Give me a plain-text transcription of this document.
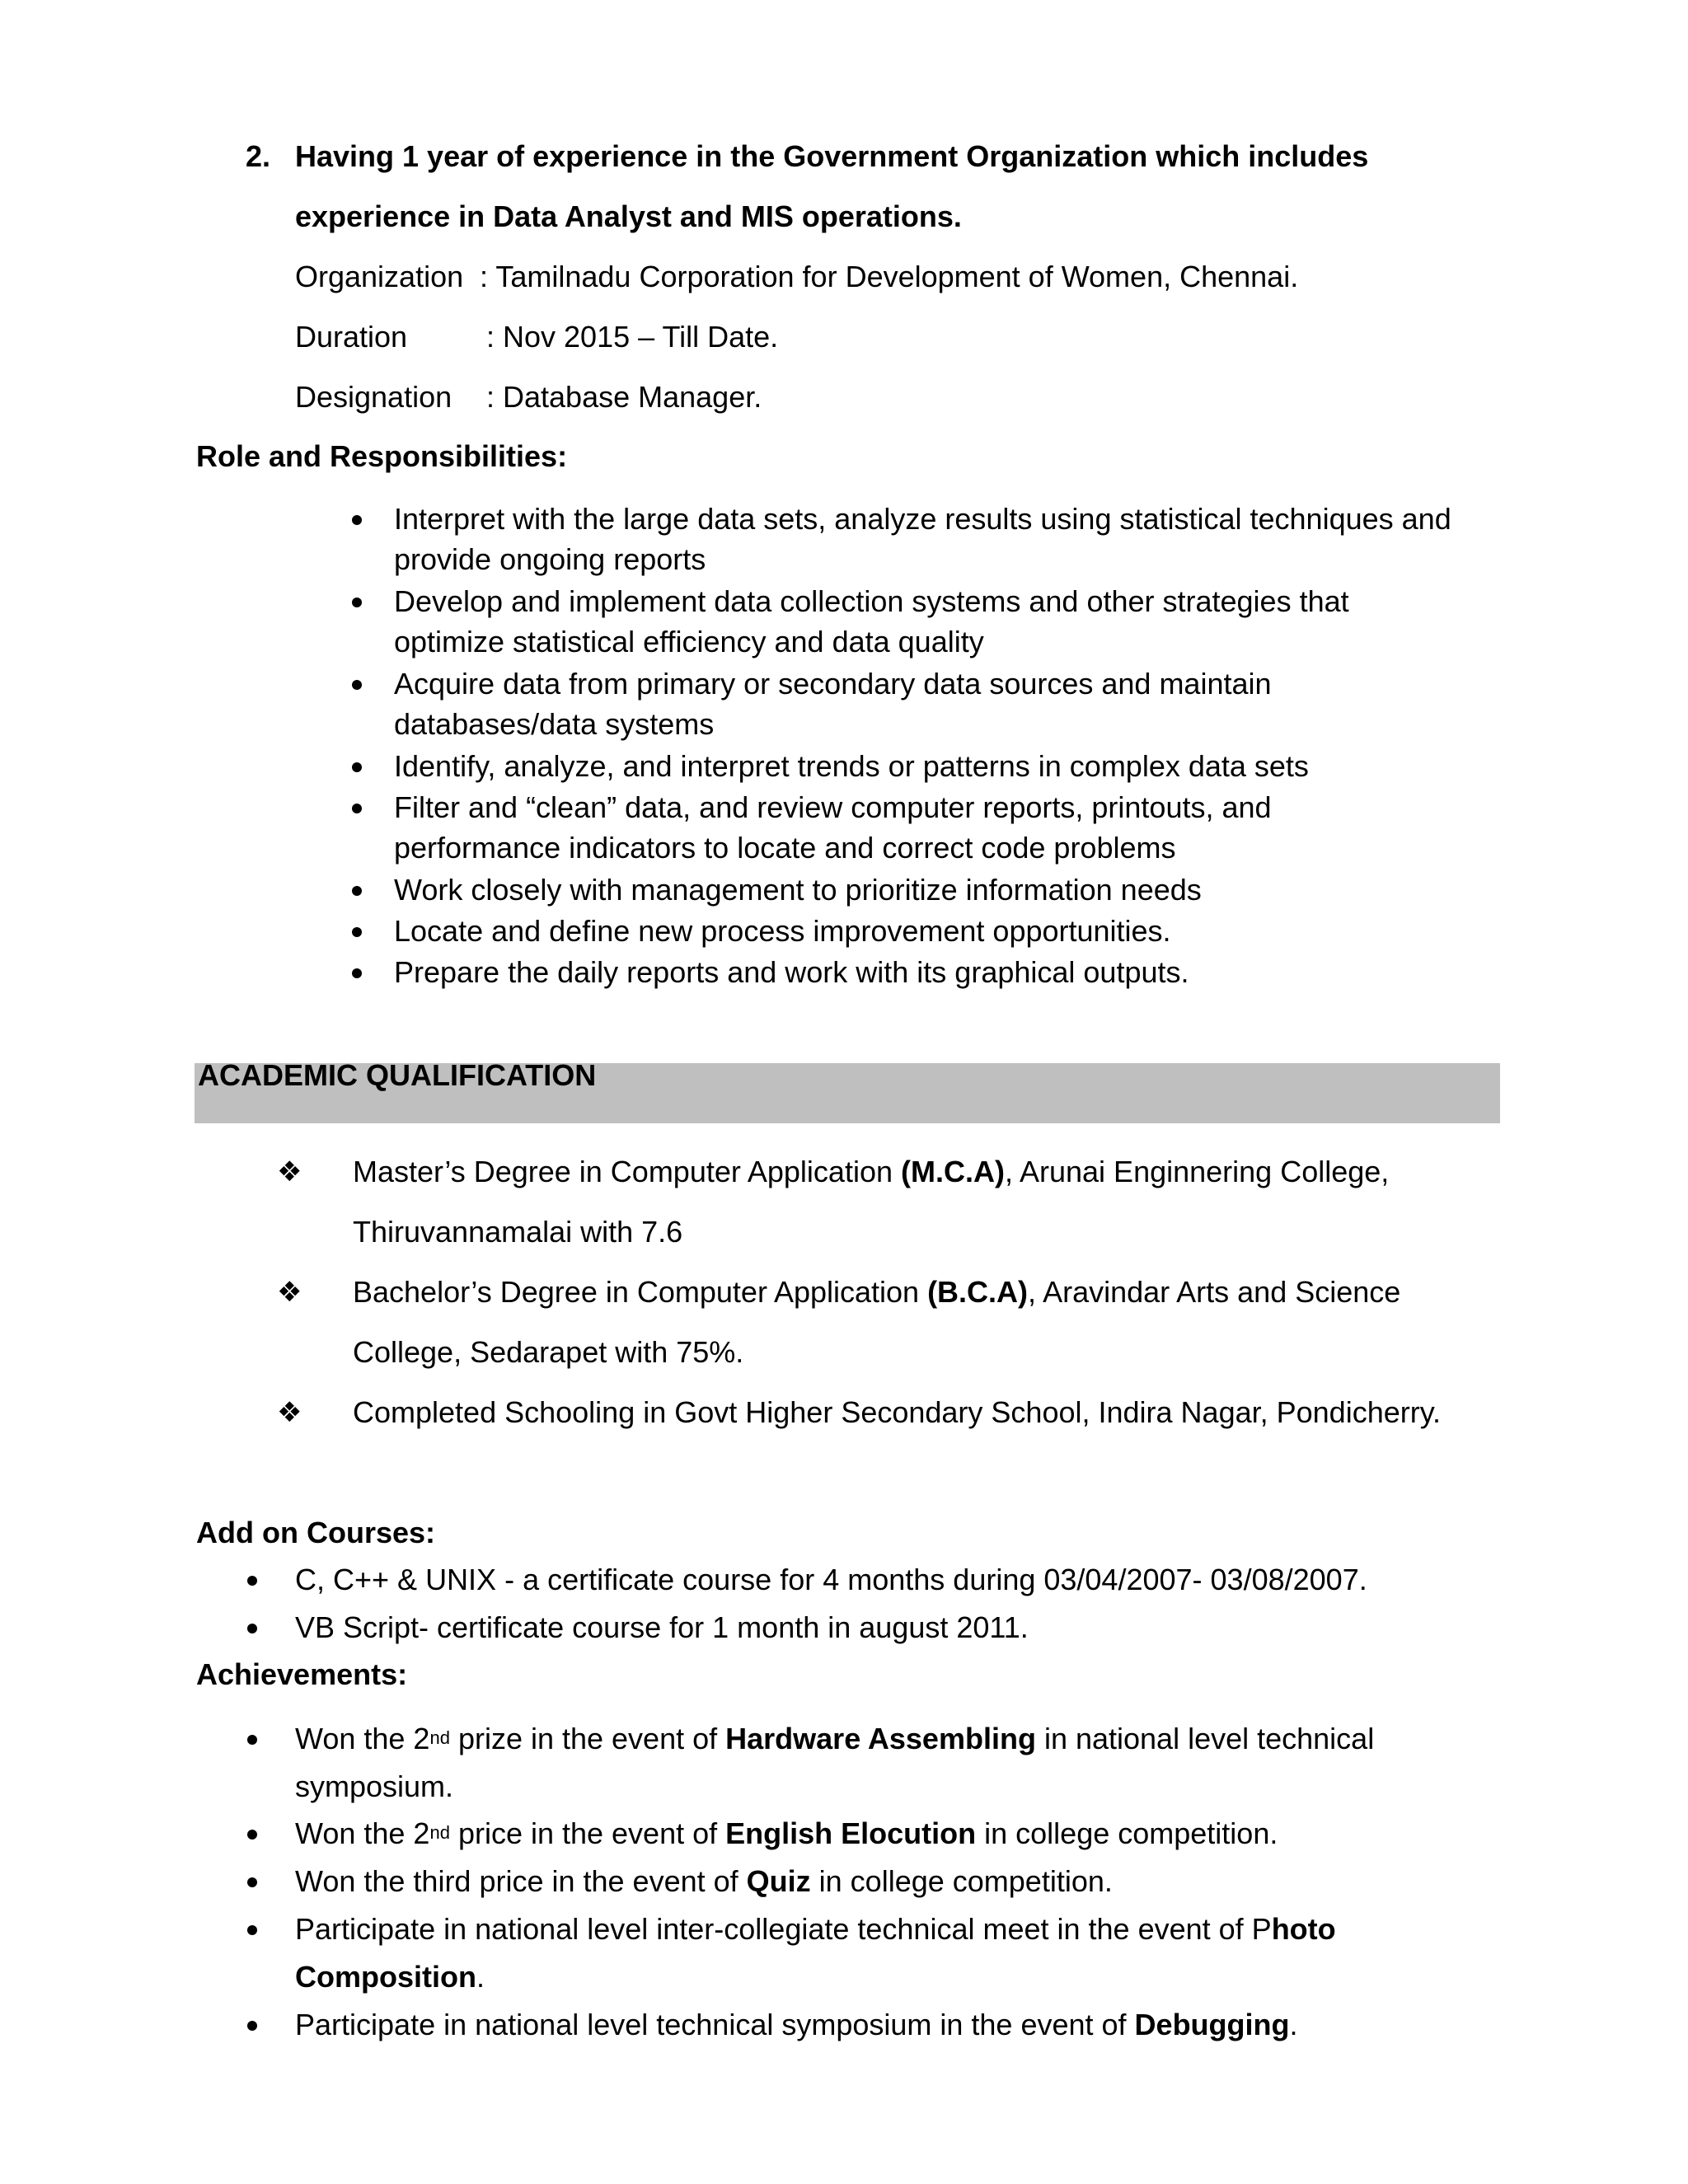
2. Having 1 year of experience in the Government Organization which includes
experience in Data Analyst and MIS operations.
Organization : Tamilnadu Corporation for Development of Women, Chennai.
Duration	: Nov 2015 – Till Date.
Designation : Database Manager.
Role and Responsibilities:
Interpret with the large data sets, analyze results using statistical techniques and
provide ongoing reports
Develop and implement data collection systems and other strategies that
optimize statistical efficiency and data quality
Acquire data from primary or secondary data sources and maintain
databases/data systems
Identify, analyze, and interpret trends or patterns in complex data sets
Filter and “clean” data, and review computer reports, printouts, and
performance indicators to locate and correct code problems
Work closely with management to prioritize information needs
Locate and define new process improvement opportunities.
Prepare the daily reports and work with its graphical outputs.
ACADEMIC QUALIFICATION
❖ Master’s Degree in Computer Application (M.C.A), Arunai Enginnering College,
Thiruvannamalai with 7.6
❖ Bachelor’s Degree in Computer Application (B.C.A), Aravindar Arts and Science
College, Sedarapet with 75%.
❖ Completed Schooling in Govt Higher Secondary School, Indira Nagar, Pondicherry.
Add on Courses:
C, C++ & UNIX - a certificate course for 4 months during 03/04/2007- 03/08/2007.
VB Script- certificate course for 1 month in august 2011.
Achievements:
Won the 2nd prize in the event of Hardware Assembling in national level technical
symposium.
Won the 2nd price in the event of English Elocution in college competition.
Won the third price in the event of Quiz in college competition.
Participate in national level inter-collegiate technical meet in the event of Photo
Composition.
Participate in national level technical symposium in the event of Debugging.
